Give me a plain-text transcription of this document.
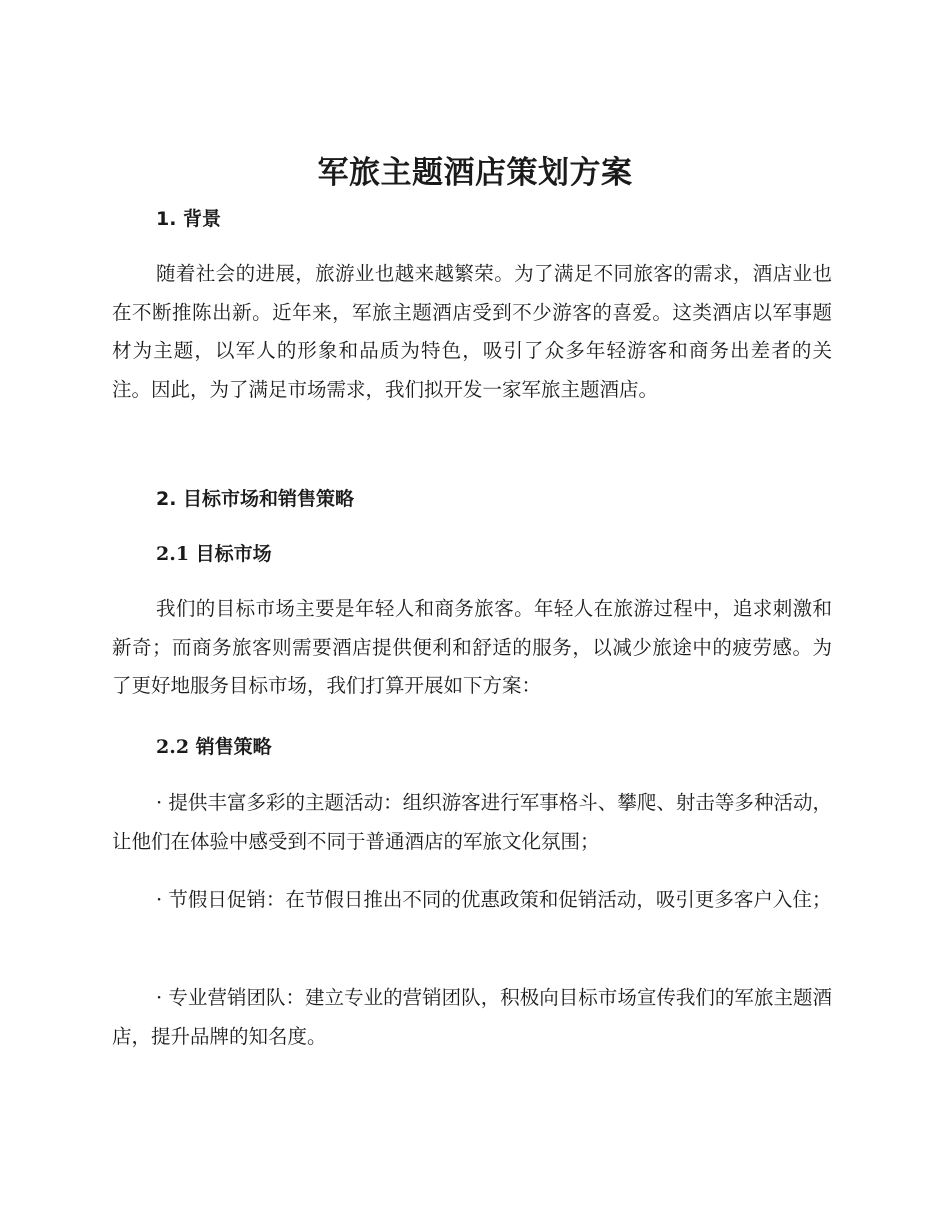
军旅主题酒店策划方案
1. 背景

随着社会的进展，旅游业也越来越繁荣。为了满足不同旅客的需求，酒店业也在不断推陈出新。近年来，军旅主题酒店受到不少游客的喜爱。这类酒店以军事题材为主题，以军人的形象和品质为特色，吸引了众多年轻游客和商务出差者的关注。因此，为了满足市场需求，我们拟开发一家军旅主题酒店。

2. 目标市场和销售策略
2.1 目标市场

我们的目标市场主要是年轻人和商务旅客。年轻人在旅游过程中，追求刺激和新奇；而商务旅客则需要酒店提供便利和舒适的服务，以减少旅途中的疲劳感。为了更好地服务目标市场，我们打算开展如下方案：

2.2 销售策略

· 提供丰富多彩的主题活动：组织游客进行军事格斗、攀爬、射击等多种活动，让他们在体验中感受到不同于普通酒店的军旅文化氛围；

· 节假日促销：在节假日推出不同的优惠政策和促销活动，吸引更多客户入住；

· 专业营销团队：建立专业的营销团队，积极向目标市场宣传我们的军旅主题酒店，提升品牌的知名度。
